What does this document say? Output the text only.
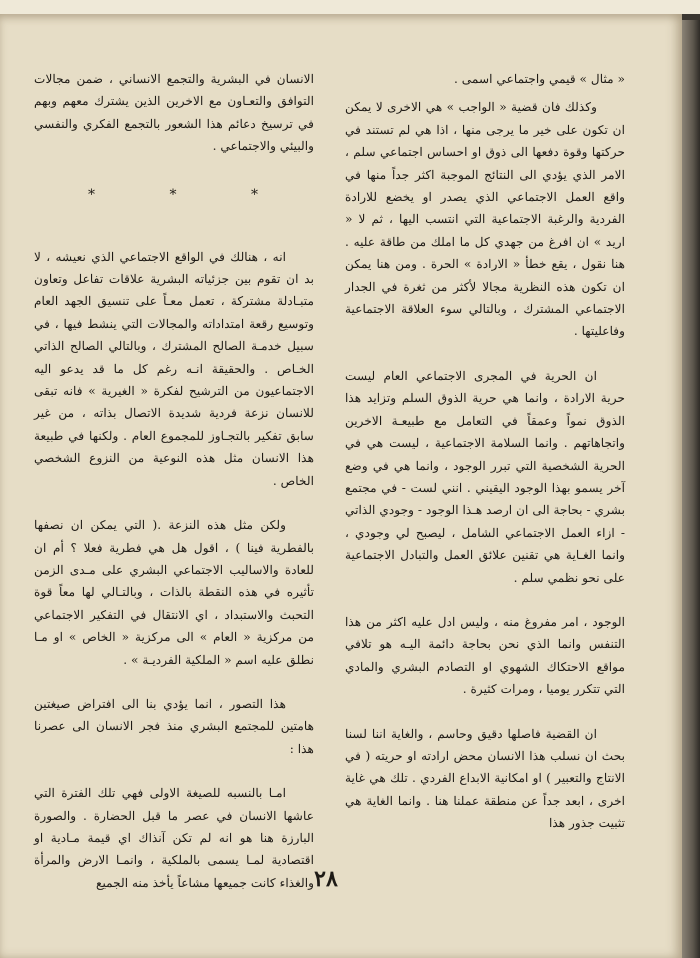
« مثال » قيمي واجتماعي اسمى .

وكذلك فان قضية « الواجب » هي الاخرى لا يمكن ان تكون على خير ما يرجى منها ، اذا هي لم تستند في حركتها وقوة دفعها الى ذوق او احساس اجتماعي سلم ، الامر الذي يؤدي الى النتائج الموجبة اكثر جداً منها في واقع العمل الاجتماعي الذي يصدر او يخضع للارادة الفردية والرغبة الاجتماعية التي انتسب اليها ، ثم لا « اريد » ان افرغ من جهدي كل ما املك من طاقة عليه . هنا نقول ، يقع خطأ « الارادة » الحرة . ومن هنا يمكن ان تكون هذه النظرية مجالا لأكثر من ثغرة في الجدار الاجتماعي المشترك ، وبالتالي سوء العلاقة الاجتماعية وفاعليتها .

ان الحرية في المجرى الاجتماعي العام ليست حرية الارادة ، وانما هي حرية الذوق السلم وتزايد هذا الذوق نمواً وعمقاً في التعامل مع طبيعـة الاخرين واتجاهاتهم . وانما السلامة الاجتماعية ، ليست هي في الحرية الشخصية التي تبرر الوجود ، وانما هي في وضع آخر يسمو بهذا الوجود اليقيني . انني لست - في مجتمع بشري - بحاجة الى ان ارصد هـذا الوجود - وجودي الذاتي - ازاء العمل الاجتماعي الشامل ، ليصبح لي وجودي ، وانما الغـاية هي تقنين علائق العمل والتبادل الاجتماعية على نحو نظمي سلم .

الوجود ، امر مفروغ منه ، وليس ادل عليه اكثر من هذا التنفس وانما الذي نحن بحاجة دائمة اليـه هو تلافي مواقع الاحتكاك الشهوي او التصادم البشري والمادي التي تتكرر يوميا ، ومرات كثيرة .

ان القضية فاصلها دقيق وحاسم ، والغاية اننا لسنا بحث ان نسلب هذا الانسان محض ارادته او حريته ( في الانتاج والتعبير ) او امكانية الابداع الفردي . تلك هي غاية اخرى ، ابعد جداً عن منطقة عملنا هنا . وانما الغاية هي تثبيت جذور هذا

الانسان في البشرية والتجمع الانساني ، ضمن مجالات التوافق والتعـاون مع الاخرين الذين يشترك معهم وبهم في ترسيخ دعائم هذا الشعور بالتجمع الفكري والنفسي والبيئي والاجتماعي .

انه ، هنالك في الواقع الاجتماعي الذي نعيشه ، لا بد ان تقوم بين جزئياته البشرية علاقات تفاعل وتعاون متبـادلة مشتركة ، تعمل معـاً على تنسيق الجهد العام وتوسيع رقعة امتداداته والمجالات التي ينشط فيها ، في سبيل خدمـة الصالح المشترك ، وبالتالي الصالح الذاتي الخـاص . والحقيقة انـه رغم كل ما قد يدعو اليه الاجتماعيون من الترشيح لفكرة « الغيرية » فانه تبقى للانسان نزعة فردية شديدة الاتصال بذاته ، من غير سابق تفكير بالتجـاوز للمجموع العام . ولكنها في طبيعة هذا الانسان مثل هذه النوعية من النزوع الشخصي الخاص .

ولكن مثل هذه النزعة .( التي يمكن ان نصفها بالفطرية فينا ) ، اقول هل هي فطرية فعلا ؟ أم ان للعادة والاساليب الاجتماعي البشري على مـدى الزمن تأثيره في هذه النقطة بالذات ، وبالتـالي لها معاً قوة التحبث والاستبداد ، اي الانتقال في التفكير الاجتماعي من مركزية « العام » الى مركزية « الخاص » او مـا نطلق عليه اسم « الملكية الفرديـة » .

هذا التصور ، انما يؤدي بنا الى افتراض صيغتين هامتين للمجتمع البشري منذ فجر الانسان الى عصرنا هذا :

امـا بالنسبه للصيغة الاولى فهي تلك الفترة التي عاشها الانسان في عصر ما قبل الحضارة . والصورة البارزة هنا هو انه لم تكن آنذاك اي قيمة مـادية او اقتصادية لمـا يسمى بالملكية ، وانمـا الارض والمرأة والغذاء كانت جميعها مشاعاً يأخذ منه الجميع

*	*	*
٢٨
